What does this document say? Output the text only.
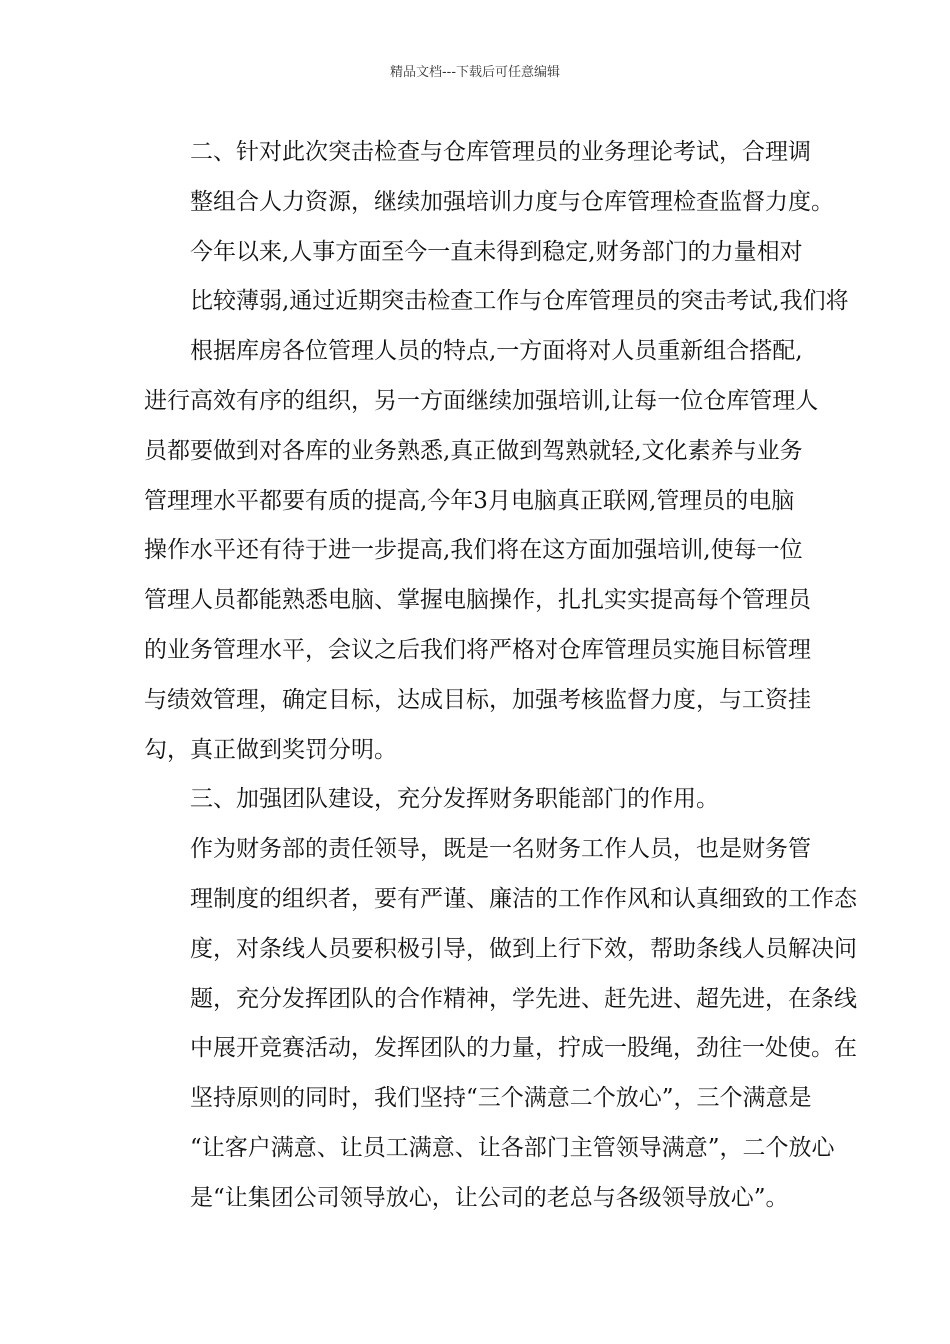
精品文档---下载后可任意编辑

二、针对此次突击检查与仓库管理员的业务理论考试，合理调
整组合人力资源，继续加强培训力度与仓库管理检查监督力度。

今年以来,人事方面至今一直未得到稳定,财务部门的力量相对
比较薄弱,通过近期突击检查工作与仓库管理员的突击考试,我们将
根据库房各位管理人员的特点,一方面将对人员重新组合搭配,

进行高效有序的组织，另一方面继续加强培训,让每一位仓库管理人
员都要做到对各库的业务熟悉,真正做到驾熟就轻,文化素养与业务
管理理水平都要有质的提高,今年3月电脑真正联网,管理员的电脑
操作水平还有待于进一步提高,我们将在这方面加强培训,使每一位
管理人员都能熟悉电脑、掌握电脑操作，扎扎实实提高每个管理员
的业务管理水平，会议之后我们将严格对仓库管理员实施目标管理
与绩效管理，确定目标，达成目标，加强考核监督力度，与工资挂
勾，真正做到奖罚分明。

三、加强团队建设，充分发挥财务职能部门的作用。

作为财务部的责任领导，既是一名财务工作人员，也是财务管
理制度的组织者，要有严谨、廉洁的工作作风和认真细致的工作态
度，对条线人员要积极引导，做到上行下效，帮助条线人员解决问
题，充分发挥团队的合作精神，学先进、赶先进、超先进，在条线
中展开竞赛活动，发挥团队的力量，拧成一股绳，劲往一处使。在
坚持原则的同时，我们坚持“三个满意二个放心”，三个满意是
“让客户满意、让员工满意、让各部门主管领导满意”，二个放心
是“让集团公司领导放心，让公司的老总与各级领导放心”。
